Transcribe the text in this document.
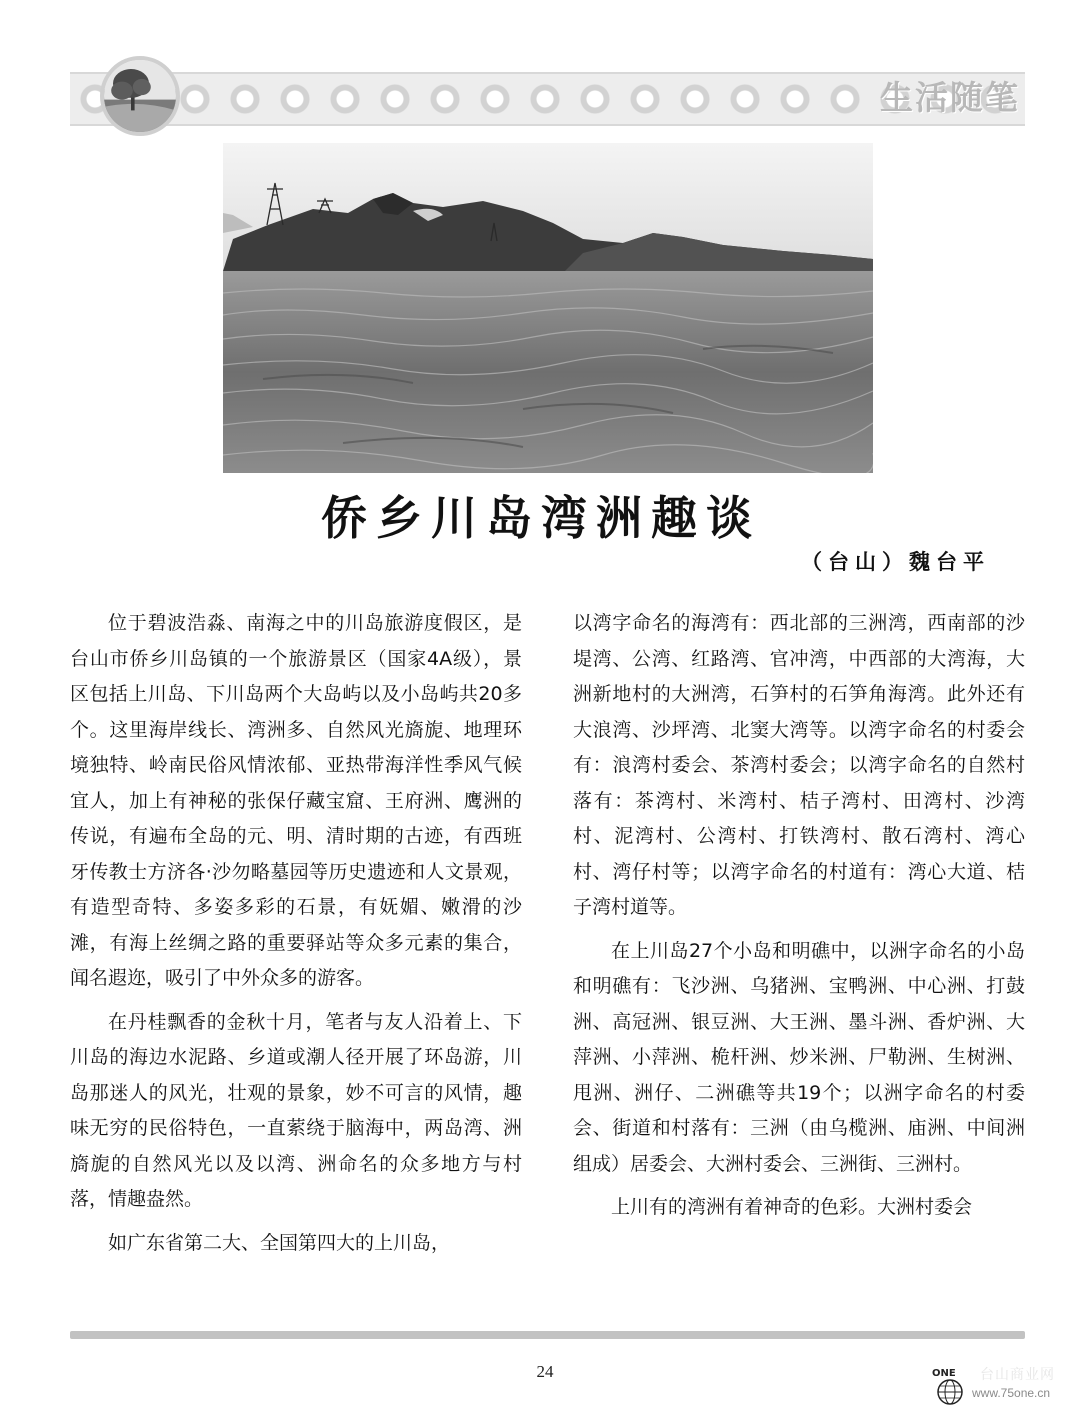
生活随笔
侨乡川岛湾洲趣谈
（台山）魏台平

位于碧波浩淼、南海之中的川岛旅游度假区，是台山市侨乡川岛镇的一个旅游景区（国家4A级），景区包括上川岛、下川岛两个大岛屿以及小岛屿共20多个。这里海岸线长、湾洲多、自然风光旖旎、地理环境独特、岭南民俗风情浓郁、亚热带海洋性季风气候宜人，加上有神秘的张保仔藏宝窟、王府洲、鹰洲的传说，有遍布全岛的元、明、清时期的古迹，有西班牙传教士方济各·沙勿略墓园等历史遗迹和人文景观，有造型奇特、多姿多彩的石景，有妩媚、嫩滑的沙滩，有海上丝绸之路的重要驿站等众多元素的集合，闻名遐迩，吸引了中外众多的游客。

在丹桂飘香的金秋十月，笔者与友人沿着上、下川岛的海边水泥路、乡道或潮人径开展了环岛游，川岛那迷人的风光，壮观的景象，妙不可言的风情，趣味无穷的民俗特色，一直萦绕于脑海中，两岛湾、洲旖旎的自然风光以及以湾、洲命名的众多地方与村落，情趣盎然。

如广东省第二大、全国第四大的上川岛，

以湾字命名的海湾有：西北部的三洲湾，西南部的沙堤湾、公湾、红路湾、官冲湾，中西部的大湾海，大洲新地村的大洲湾，石笋村的石笋角海湾。此外还有大浪湾、沙坪湾、北窦大湾等。以湾字命名的村委会有：浪湾村委会、茶湾村委会；以湾字命名的自然村落有：茶湾村、米湾村、桔子湾村、田湾村、沙湾村、泥湾村、公湾村、打铁湾村、散石湾村、湾心村、湾仔村等；以湾字命名的村道有：湾心大道、桔子湾村道等。

在上川岛27个小岛和明礁中，以洲字命名的小岛和明礁有：飞沙洲、乌猪洲、宝鸭洲、中心洲、打鼓洲、高冠洲、银豆洲、大王洲、墨斗洲、香炉洲、大萍洲、小萍洲、桅杆洲、炒米洲、尸勒洲、生树洲、甩洲、洲仔、二洲礁等共19个；以洲字命名的村委会、街道和村落有：三洲（由乌榄洲、庙洲、中间洲组成）居委会、大洲村委会、三洲街、三洲村。

上川有的湾洲有着神奇的色彩。大洲村委会

24	ONE 台山商业网
www.75one.cn
